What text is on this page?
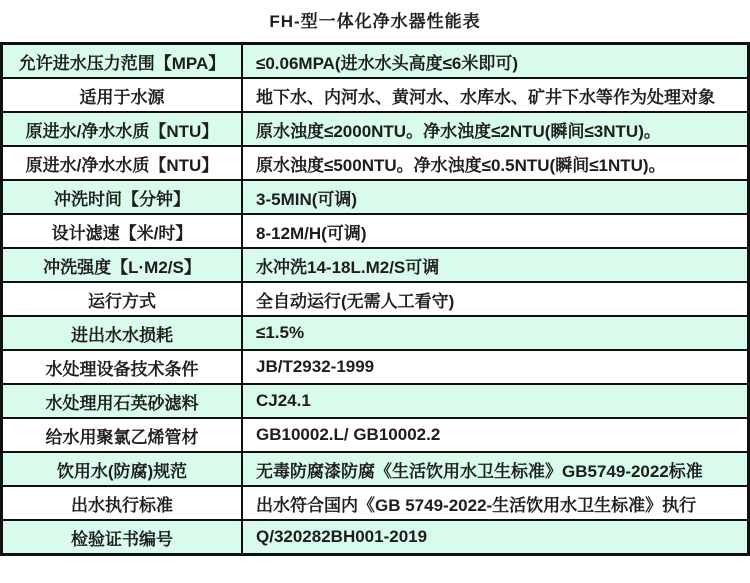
FH-型一体化净水器性能表
允许进水压力范围【MPA】	≤0.06MPA(进水水头高度≤6米即可)
适用于水源	地下水、内河水、黄河水、水库水、矿井下水等作为处理对象
原进水/净水水质【NTU】	原水浊度≤2000NTU。净水浊度≤2NTU(瞬间≤3NTU)。
原进水/净水水质【NTU】	原水浊度≤500NTU。净水浊度≤0.5NTU(瞬间≤1NTU)。
冲洗时间【分钟】	3-5MIN(可调)
设计滤速【米/时】	8-12M/H(可调)
冲洗强度【L·M2/S】	水冲洗14-18L.M2/S可调
运行方式	全自动运行(无需人工看守)
进出水水损耗	≤1.5%
水处理设备技术条件	JB/T2932-1999
水处理用石英砂滤料	CJ24.1
给水用聚氯乙烯管材	GB10002.L/ GB10002.2
饮用水(防腐)规范	无毒防腐漆防腐《生活饮用水卫生标准》GB5749-2022标准
出水执行标准	出水符合国内《GB 5749-2022-生活饮用水卫生标准》执行
检验证书编号	Q/320282BH001-2019
